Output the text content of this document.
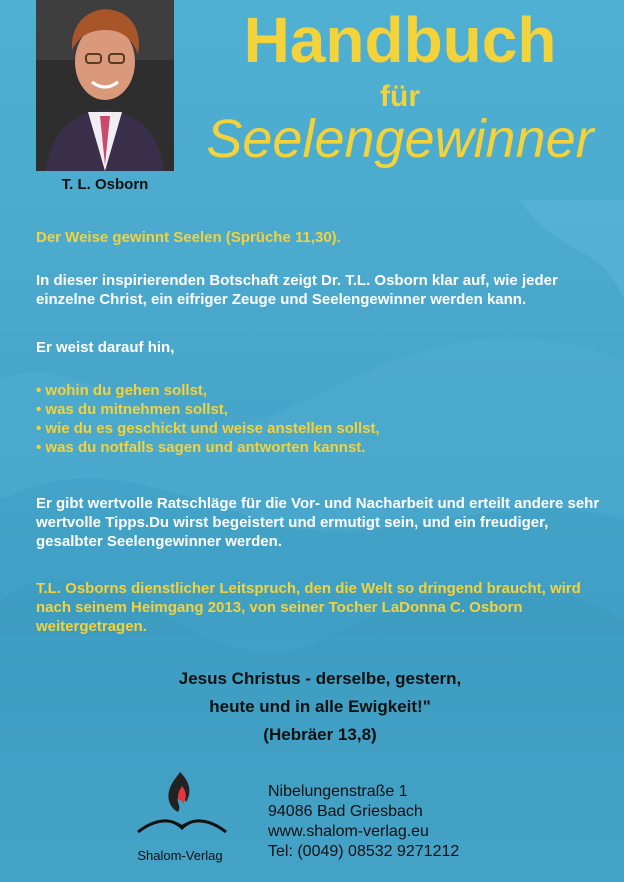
T. L. Osborn
Handbuch
für
Seelengewinner
Der Weise gewinnt Seelen (Sprüche 11,30).
In dieser inspirierenden Botschaft zeigt Dr. T.L. Osborn klar auf, wie jeder einzelne Christ, ein eifriger Zeuge und Seelengewinner werden kann.
Er weist darauf hin,
• wohin du gehen sollst,
• was du mitnehmen sollst,
• wie du es geschickt und weise anstellen sollst,
• was du notfalls sagen und antworten kannst.
Er gibt wertvolle Ratschläge für die Vor- und Nacharbeit und erteilt andere sehr wertvolle Tipps.Du wirst begeistert und ermutigt sein, und ein freudiger, gesalbter Seelengewinner werden.
T.L. Osborns dienstlicher Leitspruch, den die Welt so dringend braucht, wird nach seinem Heimgang 2013, von seiner Tocher LaDonna C. Osborn weitergetragen.
Jesus Christus - derselbe, gestern,
heute und in alle Ewigkeit!"
(Hebräer 13,8)
Shalom-Verlag
Nibelungenstraße 1
94086 Bad Griesbach
www.shalom-verlag.eu
Tel: (0049) 08532 9271212
